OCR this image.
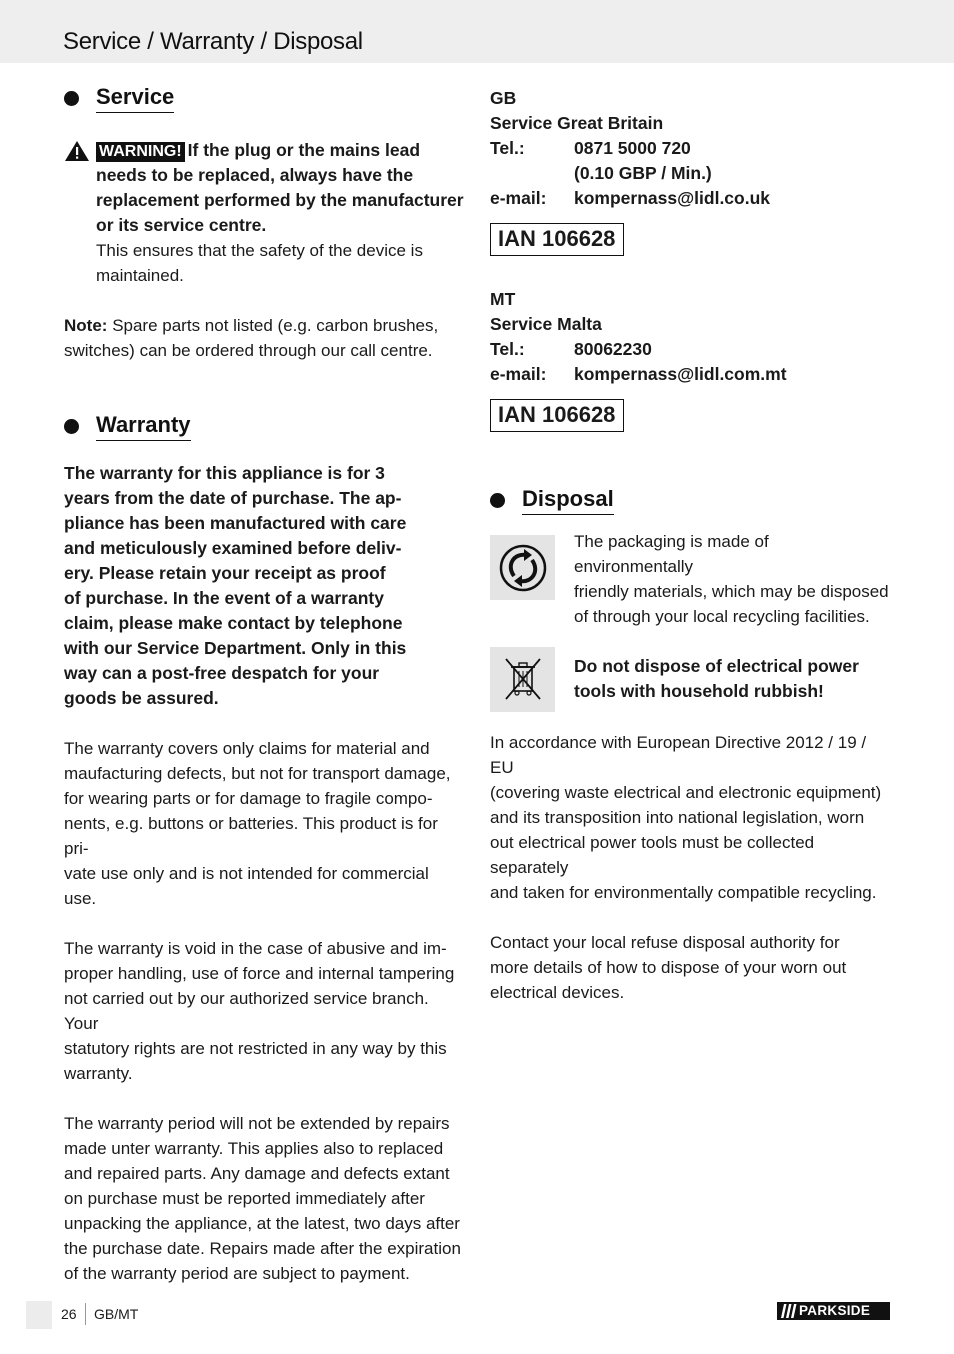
Service / Warranty / Disposal
Service
WARNING! If the plug or the mains lead needs to be replaced, always have the replacement performed by the manufacturer or its service centre.
This ensures that the safety of the device is maintained.
Note: Spare parts not listed (e.g. carbon brushes, switches) can be ordered through our call centre.
Warranty
The warranty for this appliance is for 3
years from the date of purchase. The ap-
pliance has been manufactured with care
and meticulously examined before deliv-
ery. Please retain your receipt as proof
of purchase. In the event of a warranty
claim, please make contact by telephone
with our Service Department. Only in this
way can a post-free despatch for your
goods be assured.
The warranty covers only claims for material and
maufacturing defects, but not for transport damage,
for wearing parts or for damage to fragile compo-
nents, e.g. buttons or batteries. This product is for pri-
vate use only and is not intended for commercial use.
The warranty is void in the case of abusive and im-
proper handling, use of force and internal tampering
not carried out by our authorized service branch. Your
statutory rights are not restricted in any way by this
warranty.
The warranty period will not be extended by repairs
made unter warranty. This applies also to replaced
and repaired parts. Any damage and defects extant
on purchase must be reported immediately after
unpacking the appliance, at the latest, two days after
the purchase date. Repairs made after the expiration
of the warranty period are subject to payment.
GB
Service Great Britain
Tel.:	0871 5000 720
(0.10 GBP / Min.)
e-mail:	kompernass@lidl.co.uk
IAN 106628
MT
Service Malta
Tel.:	80062230
e-mail:	kompernass@lidl.com.mt
IAN 106628
Disposal
The packaging is made of environmentally
friendly materials, which may be disposed
of through your local recycling facilities.
Do not dispose of electrical power
tools with household rubbish!
In accordance with European Directive 2012 / 19 / EU
(covering waste electrical and electronic equipment)
and its transposition into national legislation, worn
out electrical power tools must be collected separately
and taken for environmentally compatible recycling.
Contact your local refuse disposal authority for
more details of how to dispose of your worn out
electrical devices.
26 GB/MT	PARKSIDE
